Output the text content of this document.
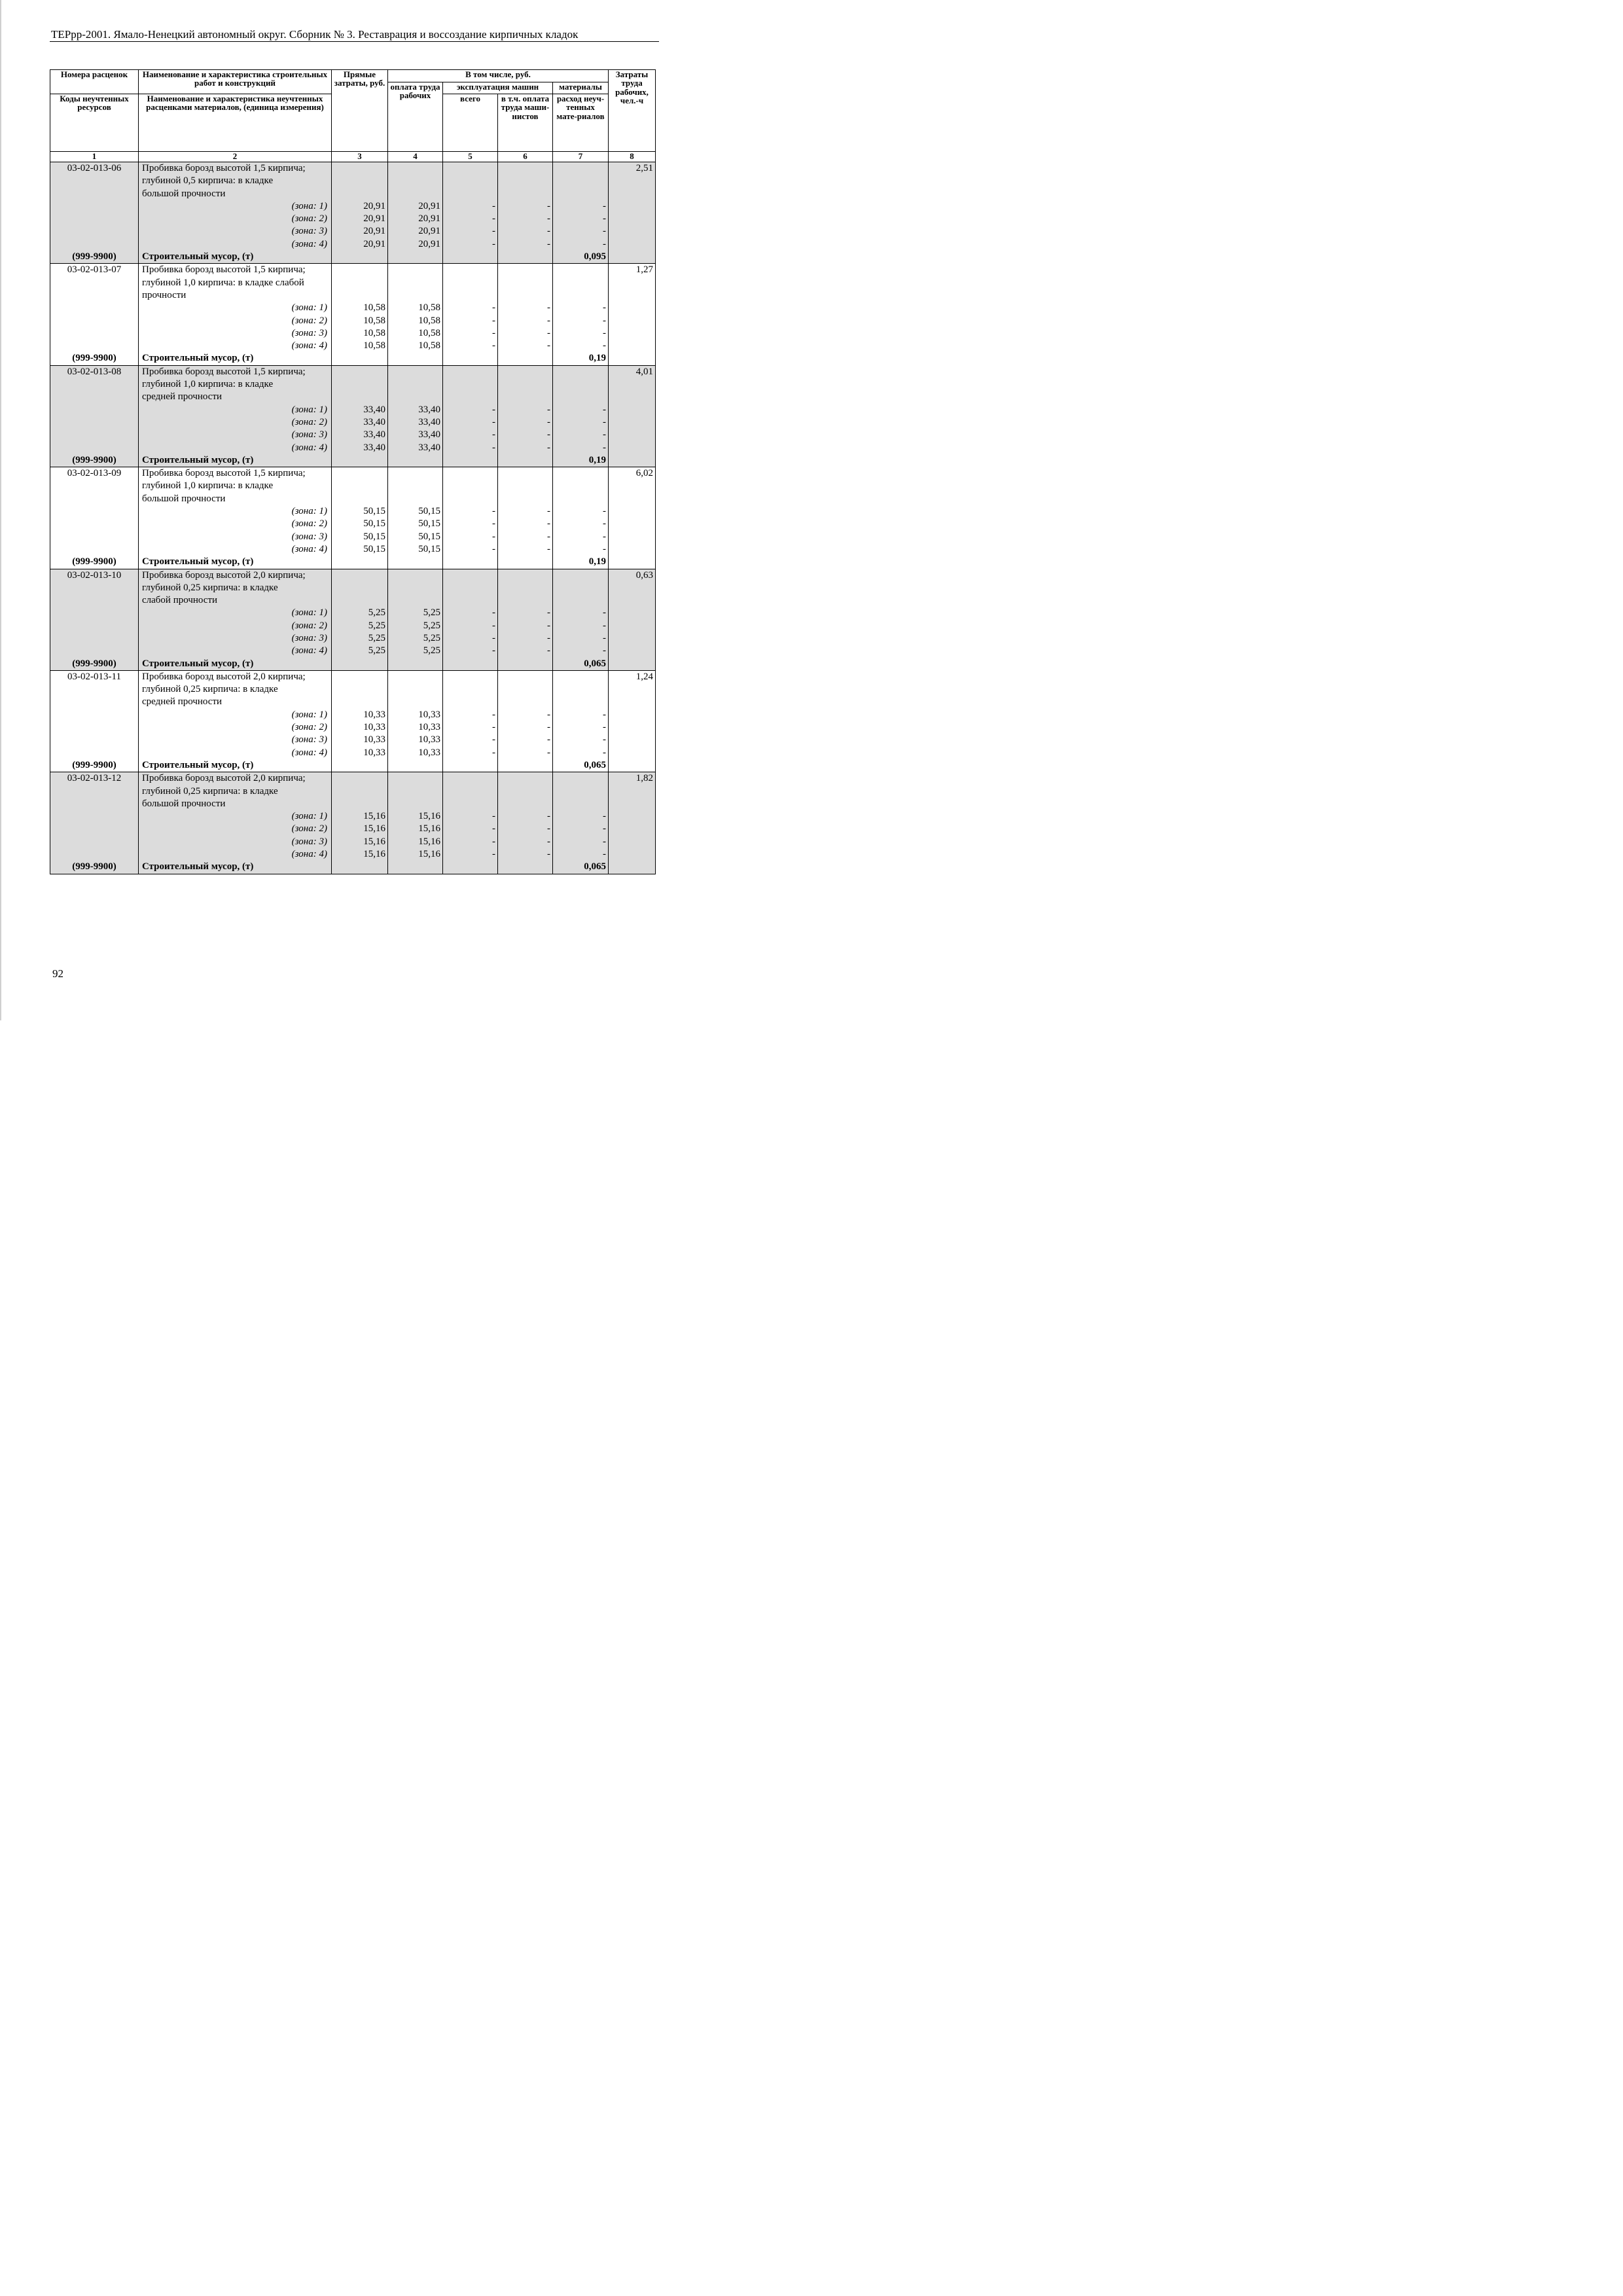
ТЕРрр-2001. Ямало-Ненецкий автономный округ. Сборник № 3. Реставрация и воссоздание кирпичных кладок
Номера расценок	Наименование и характеристика строительных работ и конструкций	Прямые затраты, руб.	В том числе, руб.				Затраты труда рабочих, чел.-ч
			оплата труда рабочих	эксплуатация машин		материалы	
Коды неучтенных ресурсов	Наименование и характеристика неучтенных расценками материалов, (единица измерения)			всего	в т.ч. оплата труда маши-нистов	расход неуч-тенных мате-риалов	
1	2	3	4	5	6	7	8
03-02-013-06	Пробивка борозд высотой 1,5 кирпича;						2,51
	глубиной 0,5 кирпича: в кладке						
	большой прочности						
	(зона: 1)	20,91	20,91	-	-	-	
	(зона: 2)	20,91	20,91	-	-	-	
	(зона: 3)	20,91	20,91	-	-	-	
	(зона: 4)	20,91	20,91	-	-	-	
(999-9900)	Строительный мусор, (т)					0,095	
03-02-013-07	Пробивка борозд высотой 1,5 кирпича;						1,27
	глубиной 1,0 кирпича: в кладке слабой						
	прочности						
	(зона: 1)	10,58	10,58	-	-	-	
	(зона: 2)	10,58	10,58	-	-	-	
	(зона: 3)	10,58	10,58	-	-	-	
	(зона: 4)	10,58	10,58	-	-	-	
(999-9900)	Строительный мусор, (т)					0,19	
03-02-013-08	Пробивка борозд высотой 1,5 кирпича;						4,01
	глубиной 1,0 кирпича: в кладке						
	средней прочности						
	(зона: 1)	33,40	33,40	-	-	-	
	(зона: 2)	33,40	33,40	-	-	-	
	(зона: 3)	33,40	33,40	-	-	-	
	(зона: 4)	33,40	33,40	-	-	-	
(999-9900)	Строительный мусор, (т)					0,19	
03-02-013-09	Пробивка борозд высотой 1,5 кирпича;						6,02
	глубиной 1,0 кирпича: в кладке						
	большой прочности						
	(зона: 1)	50,15	50,15	-	-	-	
	(зона: 2)	50,15	50,15	-	-	-	
	(зона: 3)	50,15	50,15	-	-	-	
	(зона: 4)	50,15	50,15	-	-	-	
(999-9900)	Строительный мусор, (т)					0,19	
03-02-013-10	Пробивка борозд высотой 2,0 кирпича;						0,63
	глубиной 0,25 кирпича: в кладке						
	слабой прочности						
	(зона: 1)	5,25	5,25	-	-	-	
	(зона: 2)	5,25	5,25	-	-	-	
	(зона: 3)	5,25	5,25	-	-	-	
	(зона: 4)	5,25	5,25	-	-	-	
(999-9900)	Строительный мусор, (т)					0,065	
03-02-013-11	Пробивка борозд высотой 2,0 кирпича;						1,24
	глубиной 0,25 кирпича: в кладке						
	средней прочности						
	(зона: 1)	10,33	10,33	-	-	-	
	(зона: 2)	10,33	10,33	-	-	-	
	(зона: 3)	10,33	10,33	-	-	-	
	(зона: 4)	10,33	10,33	-	-	-	
(999-9900)	Строительный мусор, (т)					0,065	
03-02-013-12	Пробивка борозд высотой 2,0 кирпича;						1,82
	глубиной 0,25 кирпича: в кладке						
	большой прочности						
	(зона: 1)	15,16	15,16	-	-	-	
	(зона: 2)	15,16	15,16	-	-	-	
	(зона: 3)	15,16	15,16	-	-	-	
	(зона: 4)	15,16	15,16	-	-	-	
(999-9900)	Строительный мусор, (т)					0,065	
92
